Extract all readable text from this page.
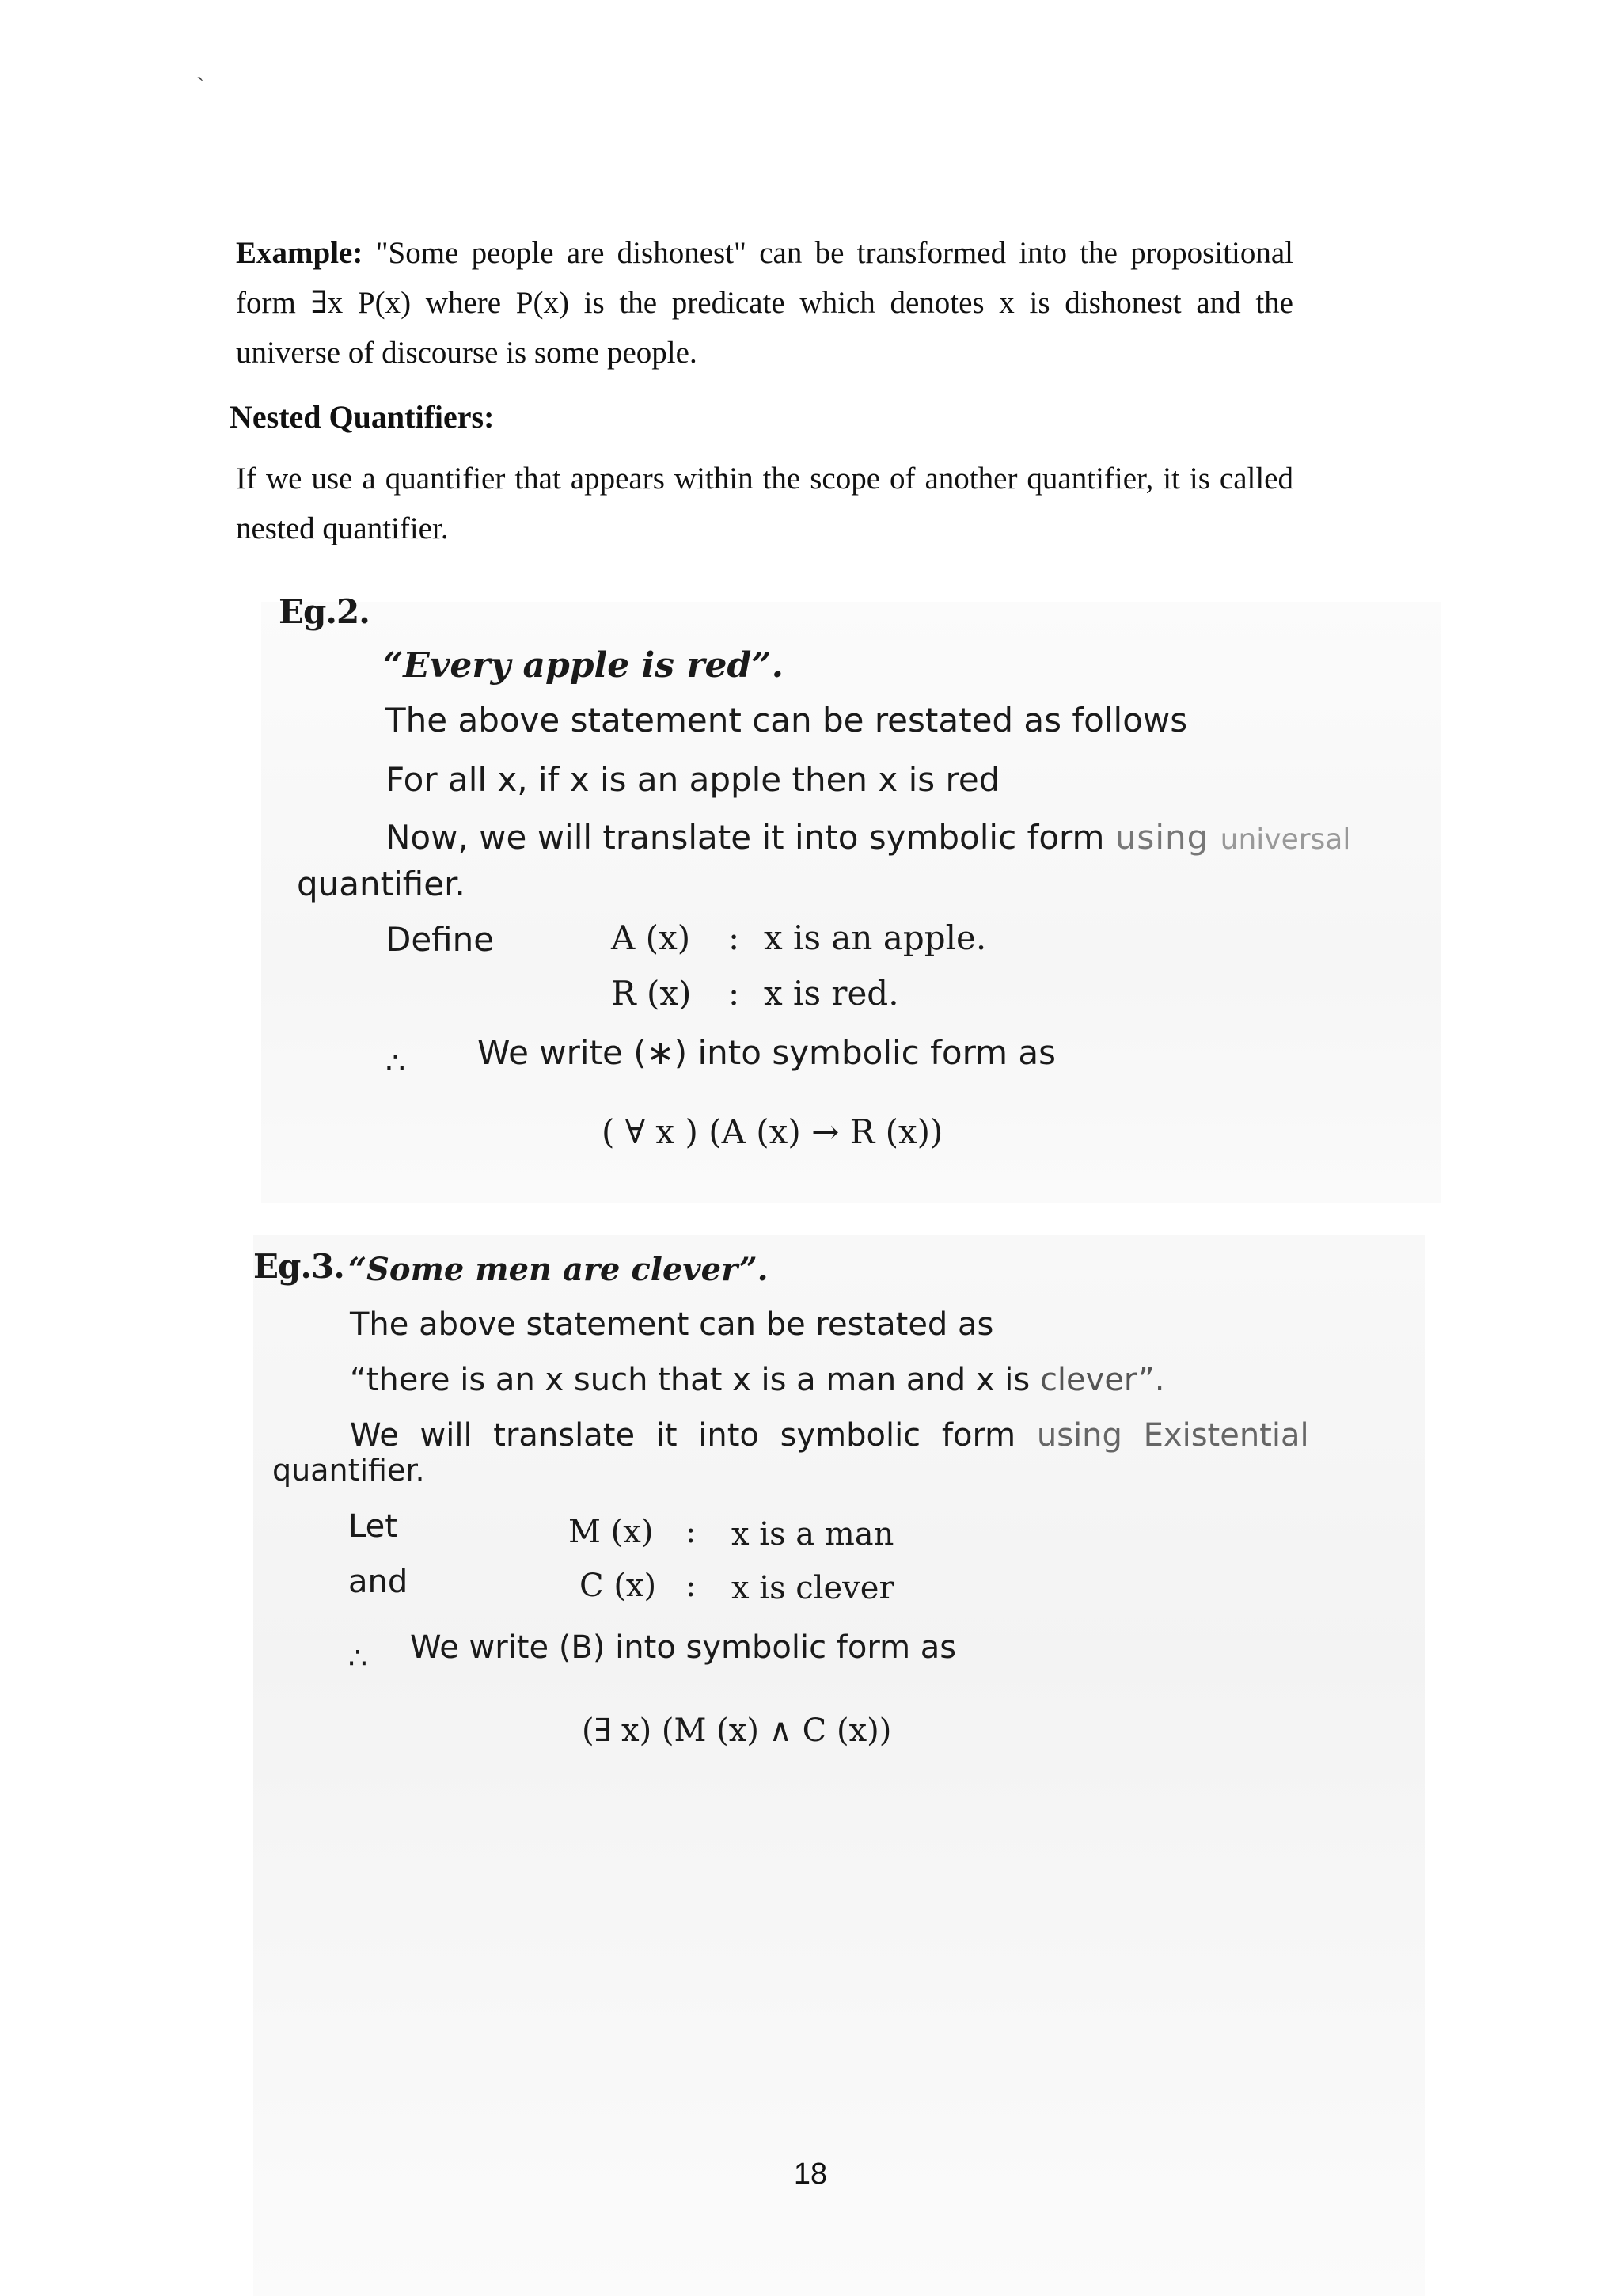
`
Example: "Some people are dishonest" can be transformed into the propositional form ∃x P(x) where P(x) is the predicate which denotes x is dishonest and the universe of discourse is some people.
Nested Quantifiers:
If we use a quantifier that appears within the scope of another quantifier, it is called nested quantifier.
Eg.2.
“Every apple is red”.
The above statement can be restated as follows
For all x, if x is an apple then x is red
Now, we will translate it into symbolic form using universal
quantifier.
Define	A (x) : x is an apple.
R (x) : x is red.
∴ We write (∗) into symbolic form as
( ∀ x ) (A (x) → R (x))
Eg.3. “Some men are clever”.
The above statement can be restated as
“there is an x such that x is a man and x is clever”.
We will translate it into symbolic form using Existential
quantifier.
Let
and
M (x) : x is a man
C (x) : x is clever
∴ We write (B) into symbolic form as
(∃ x) (M (x) ∧ C (x))
18
